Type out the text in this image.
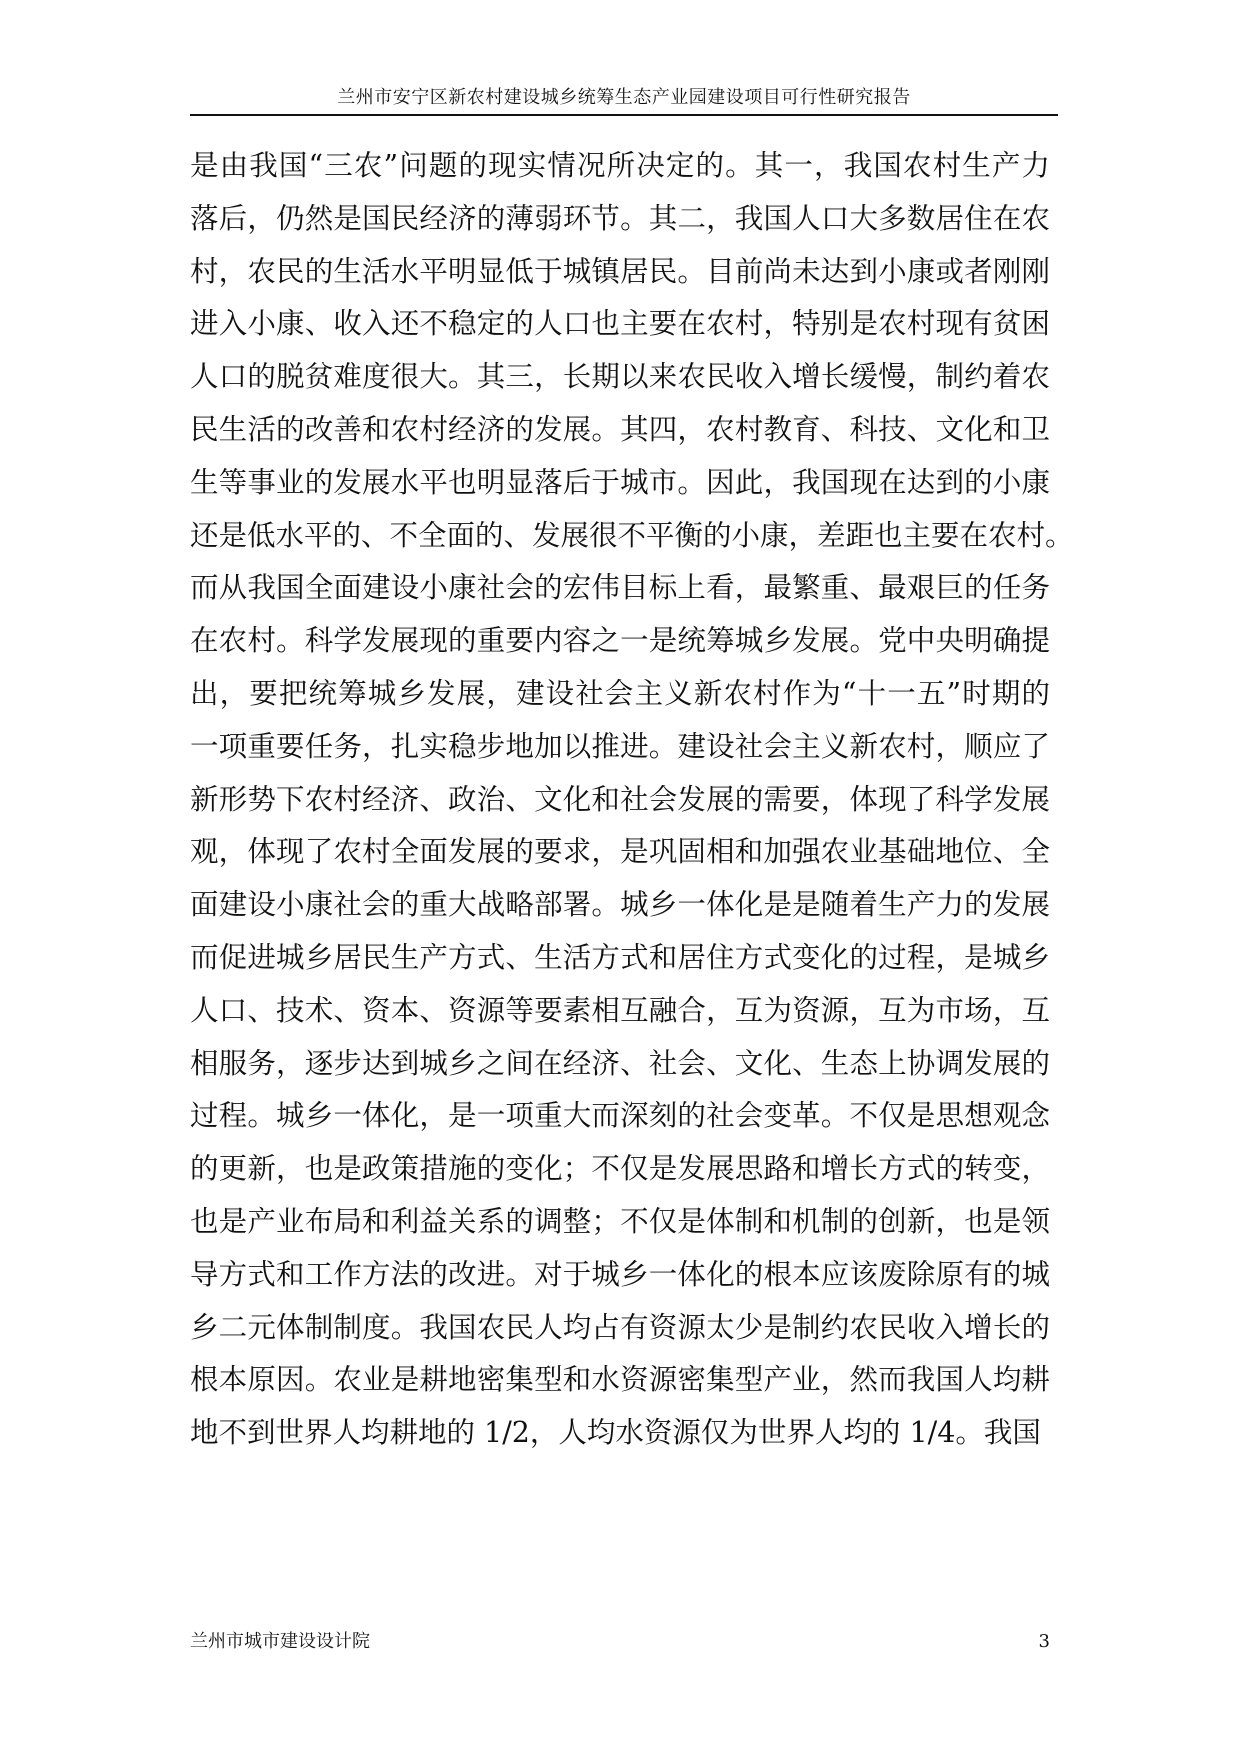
兰州市安宁区新农村建设城乡统筹生态产业园建设项目可行性研究报告
是由我国“三农”问题的现实情况所决定的。其一，我国农村生产力
落后，仍然是国民经济的薄弱环节。其二，我国人口大多数居住在农
村，农民的生活水平明显低于城镇居民。目前尚未达到小康或者刚刚
进入小康、收入还不稳定的人口也主要在农村，特别是农村现有贫困
人口的脱贫难度很大。其三，长期以来农民收入增长缓慢，制约着农
民生活的改善和农村经济的发展。其四，农村教育、科技、文化和卫
生等事业的发展水平也明显落后于城市。因此，我国现在达到的小康
还是低水平的、不全面的、发展很不平衡的小康，差距也主要在农村。
而从我国全面建设小康社会的宏伟目标上看，最繁重、最艰巨的任务
在农村。科学发展现的重要内容之一是统筹城乡发展。党中央明确提
出，要把统筹城乡发展，建设社会主义新农村作为“十一五”时期的
一项重要任务，扎实稳步地加以推进。建设社会主义新农村，顺应了
新形势下农村经济、政治、文化和社会发展的需要，体现了科学发展
观，体现了农村全面发展的要求，是巩固相和加强农业基础地位、全
面建设小康社会的重大战略部署。城乡一体化是是随着生产力的发展
而促进城乡居民生产方式、生活方式和居住方式变化的过程，是城乡
人口、技术、资本、资源等要素相互融合，互为资源，互为市场，互
相服务，逐步达到城乡之间在经济、社会、文化、生态上协调发展的
过程。城乡一体化，是一项重大而深刻的社会变革。不仅是思想观念
的更新，也是政策措施的变化；不仅是发展思路和增长方式的转变，
也是产业布局和利益关系的调整；不仅是体制和机制的创新，也是领
导方式和工作方法的改进。对于城乡一体化的根本应该废除原有的城
乡二元体制制度。我国农民人均占有资源太少是制约农民收入增长的
根本原因。农业是耕地密集型和水资源密集型产业，然而我国人均耕
地不到世界人均耕地的 1/2，人均水资源仅为世界人均的 1/4。我国
兰州市城市建设设计院	3
